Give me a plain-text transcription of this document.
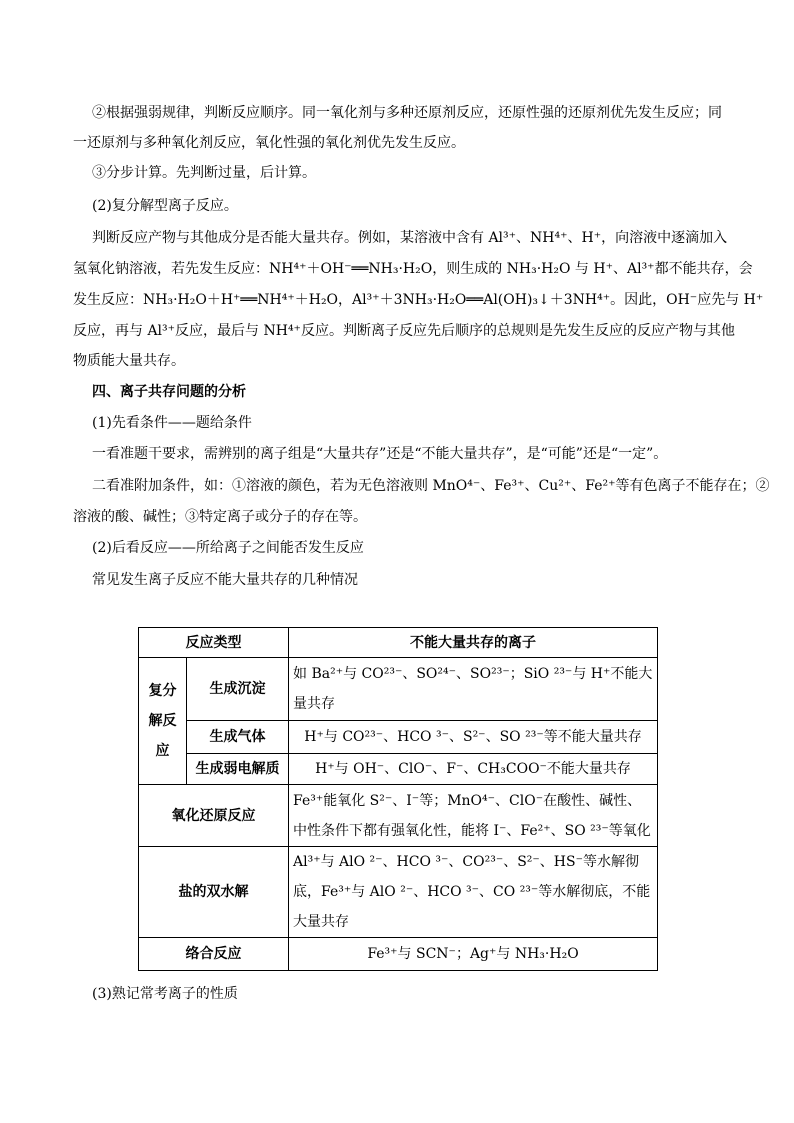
②根据强弱规律，判断反应顺序。同一氧化剂与多种还原剂反应，还原性强的还原剂优先发生反应；同
一还原剂与多种氧化剂反应，氧化性强的氧化剂优先发生反应。
③分步计算。先判断过量，后计算。
(2)复分解型离子反应。
判断反应产物与其他成分是否能大量共存。例如，某溶液中含有 Al³⁺、NH⁴⁺、H⁺，向溶液中逐滴加入
氢氧化钠溶液，若先发生反应：NH⁴⁺＋OH⁻══NH₃·H₂O，则生成的 NH₃·H₂O 与 H⁺、Al³⁺都不能共存，会
发生反应：NH₃·H₂O＋H⁺══NH⁴⁺＋H₂O，Al³⁺＋3NH₃·H₂O══Al(OH)₃↓＋3NH⁴⁺。因此，OH⁻应先与 H⁺
反应，再与 Al³⁺反应，最后与 NH⁴⁺反应。判断离子反应先后顺序的总规则是先发生反应的反应产物与其他
物质能大量共存。
四、离子共存问题的分析
(1)先看条件——题给条件
一看准题干要求，需辨别的离子组是“大量共存”还是“不能大量共存”，是“可能”还是“一定”。
二看准附加条件，如：①溶液的颜色，若为无色溶液则 MnO⁴⁻、Fe³⁺、Cu²⁺、Fe²⁺等有色离子不能存在；②
溶液的酸、碱性；③特定离子或分子的存在等。
(2)后看反应——所给离子之间能否发生反应
常见发生离子反应不能大量共存的几种情况
反应类型		不能大量共存的离子
复分解反应	生成沉淀	如 Ba²⁺与 CO²³⁻、SO²⁴⁻、SO²³⁻；SiO ²³⁻与 H⁺不能大量共存
	生成气体	H⁺与 CO²³⁻、HCO ³⁻、S²⁻、SO ²³⁻等不能大量共存
	生成弱电解质	H⁺与 OH⁻、ClO⁻、F⁻、CH₃COO⁻不能大量共存
氧化还原反应		Fe³⁺能氧化 S²⁻、I⁻等；MnO⁴⁻、ClO⁻在酸性、碱性、中性条件下都有强氧化性，能将 I⁻、Fe²⁺、SO ²³⁻等氧化
盐的双水解		Al³⁺与 AlO ²⁻、HCO ³⁻、CO²³⁻、S²⁻、HS⁻等水解彻底，Fe³⁺与 AlO ²⁻、HCO ³⁻、CO ²³⁻等水解彻底，不能大量共存
络合反应		Fe³⁺与 SCN⁻；Ag⁺与 NH₃·H₂O
(3)熟记常考离子的性质
